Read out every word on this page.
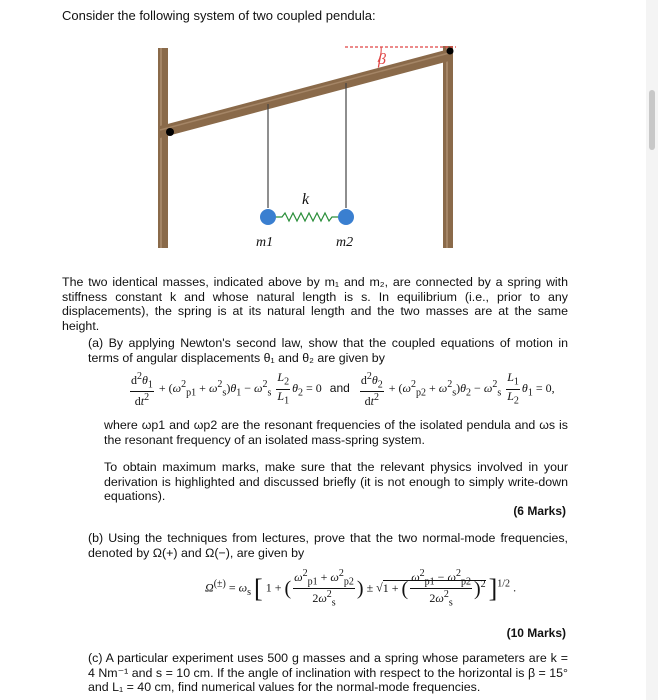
Consider the following system of two coupled pendula:
β
k
m1	m2
The two identical masses, indicated above by m₁ and m₂, are connected by a spring with stiffness constant k and whose natural length is s. In equilibrium (i.e., prior to any displacements), the spring is at its natural length and the two masses are at the same height.
(a) By applying Newton's second law, show that the coupled equations of motion in terms of angular displacements θ₁ and θ₂ are given by
$\frac{d^2\theta_1}{dt^2} + (\omega^2_{p1} + \omega^2_s)\theta_1 - \omega^2_s \frac{L_2}{L_1} \theta_2 = 0$ and $\frac{d^2\theta_2}{dt^2} + (\omega^2_{p2} + \omega^2_s)\theta_2 - \omega^2_s \frac{L_1}{L_2} \theta_1 = 0$,
where ωp1 and ωp2 are the resonant frequencies of the isolated pendula and ωs is the resonant frequency of an isolated mass-spring system.
To obtain maximum marks, make sure that the relevant physics involved in your derivation is highlighted and discussed briefly (it is not enough to simply write-down equations).
(6 Marks)
(b) Using the techniques from lectures, prove that the two normal-mode frequencies, denoted by Ω(+) and Ω(−), are given by
$\Omega^{(\pm)} = \omega_s$ [ 1 + ( $\frac{\omega^2_{p1} + \omega^2_{p2}}{2\omega^2_s}$ ) ± √1 + ( $\frac{\omega^2_{p1} - \omega^2_{p2}}{2\omega^2_s} )^2$ ]$^{1/2}$ .
(10 Marks)
(c) A particular experiment uses 500 g masses and a spring whose parameters are k = 4 Nm⁻¹ and s = 10 cm. If the angle of inclination with respect to the horizontal is β = 15° and L₁ = 40 cm, find numerical values for the normal-mode frequencies.
